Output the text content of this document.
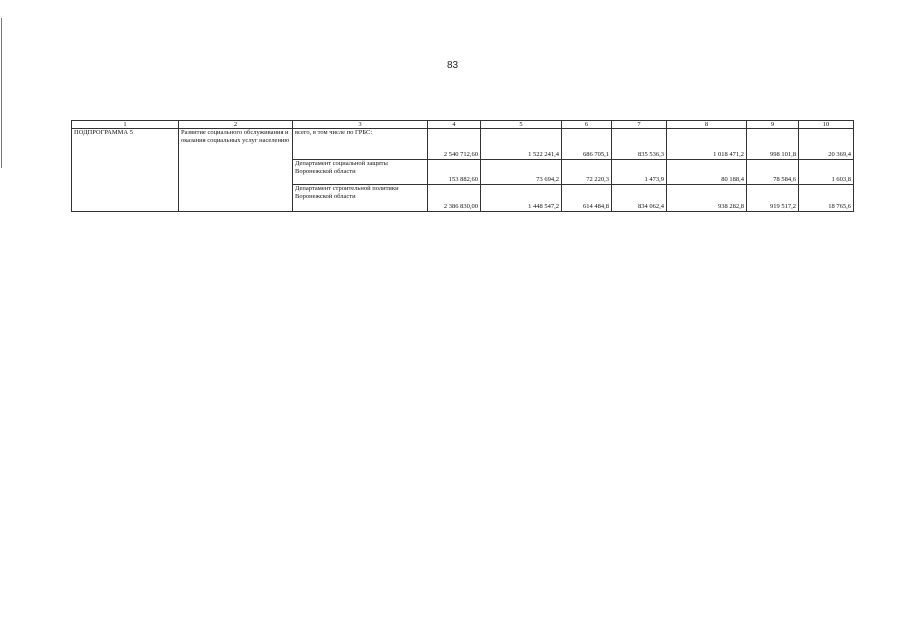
83
1	2	3	4	5	6	7	8	9	10
ПОДПРОГРАММА 5	Развитие социального обслуживания и оказания социальных услуг населению	всего, в том числе по ГРБС:	2 540 712,60	1 522 241,4	686 705,1	835 536,3	1 018 471,2	998 101,8	20 369,4
		Департамент социальной защиты Воронежской области	153 882,60	73 694,2	72 220,3	1 473,9	80 188,4	78 584,6	1 603,8
		Департамент строительной политики Воронежской области	2 386 830,00	1 448 547,2	614 484,8	834 062,4	938 282,8	919 517,2	18 765,6
